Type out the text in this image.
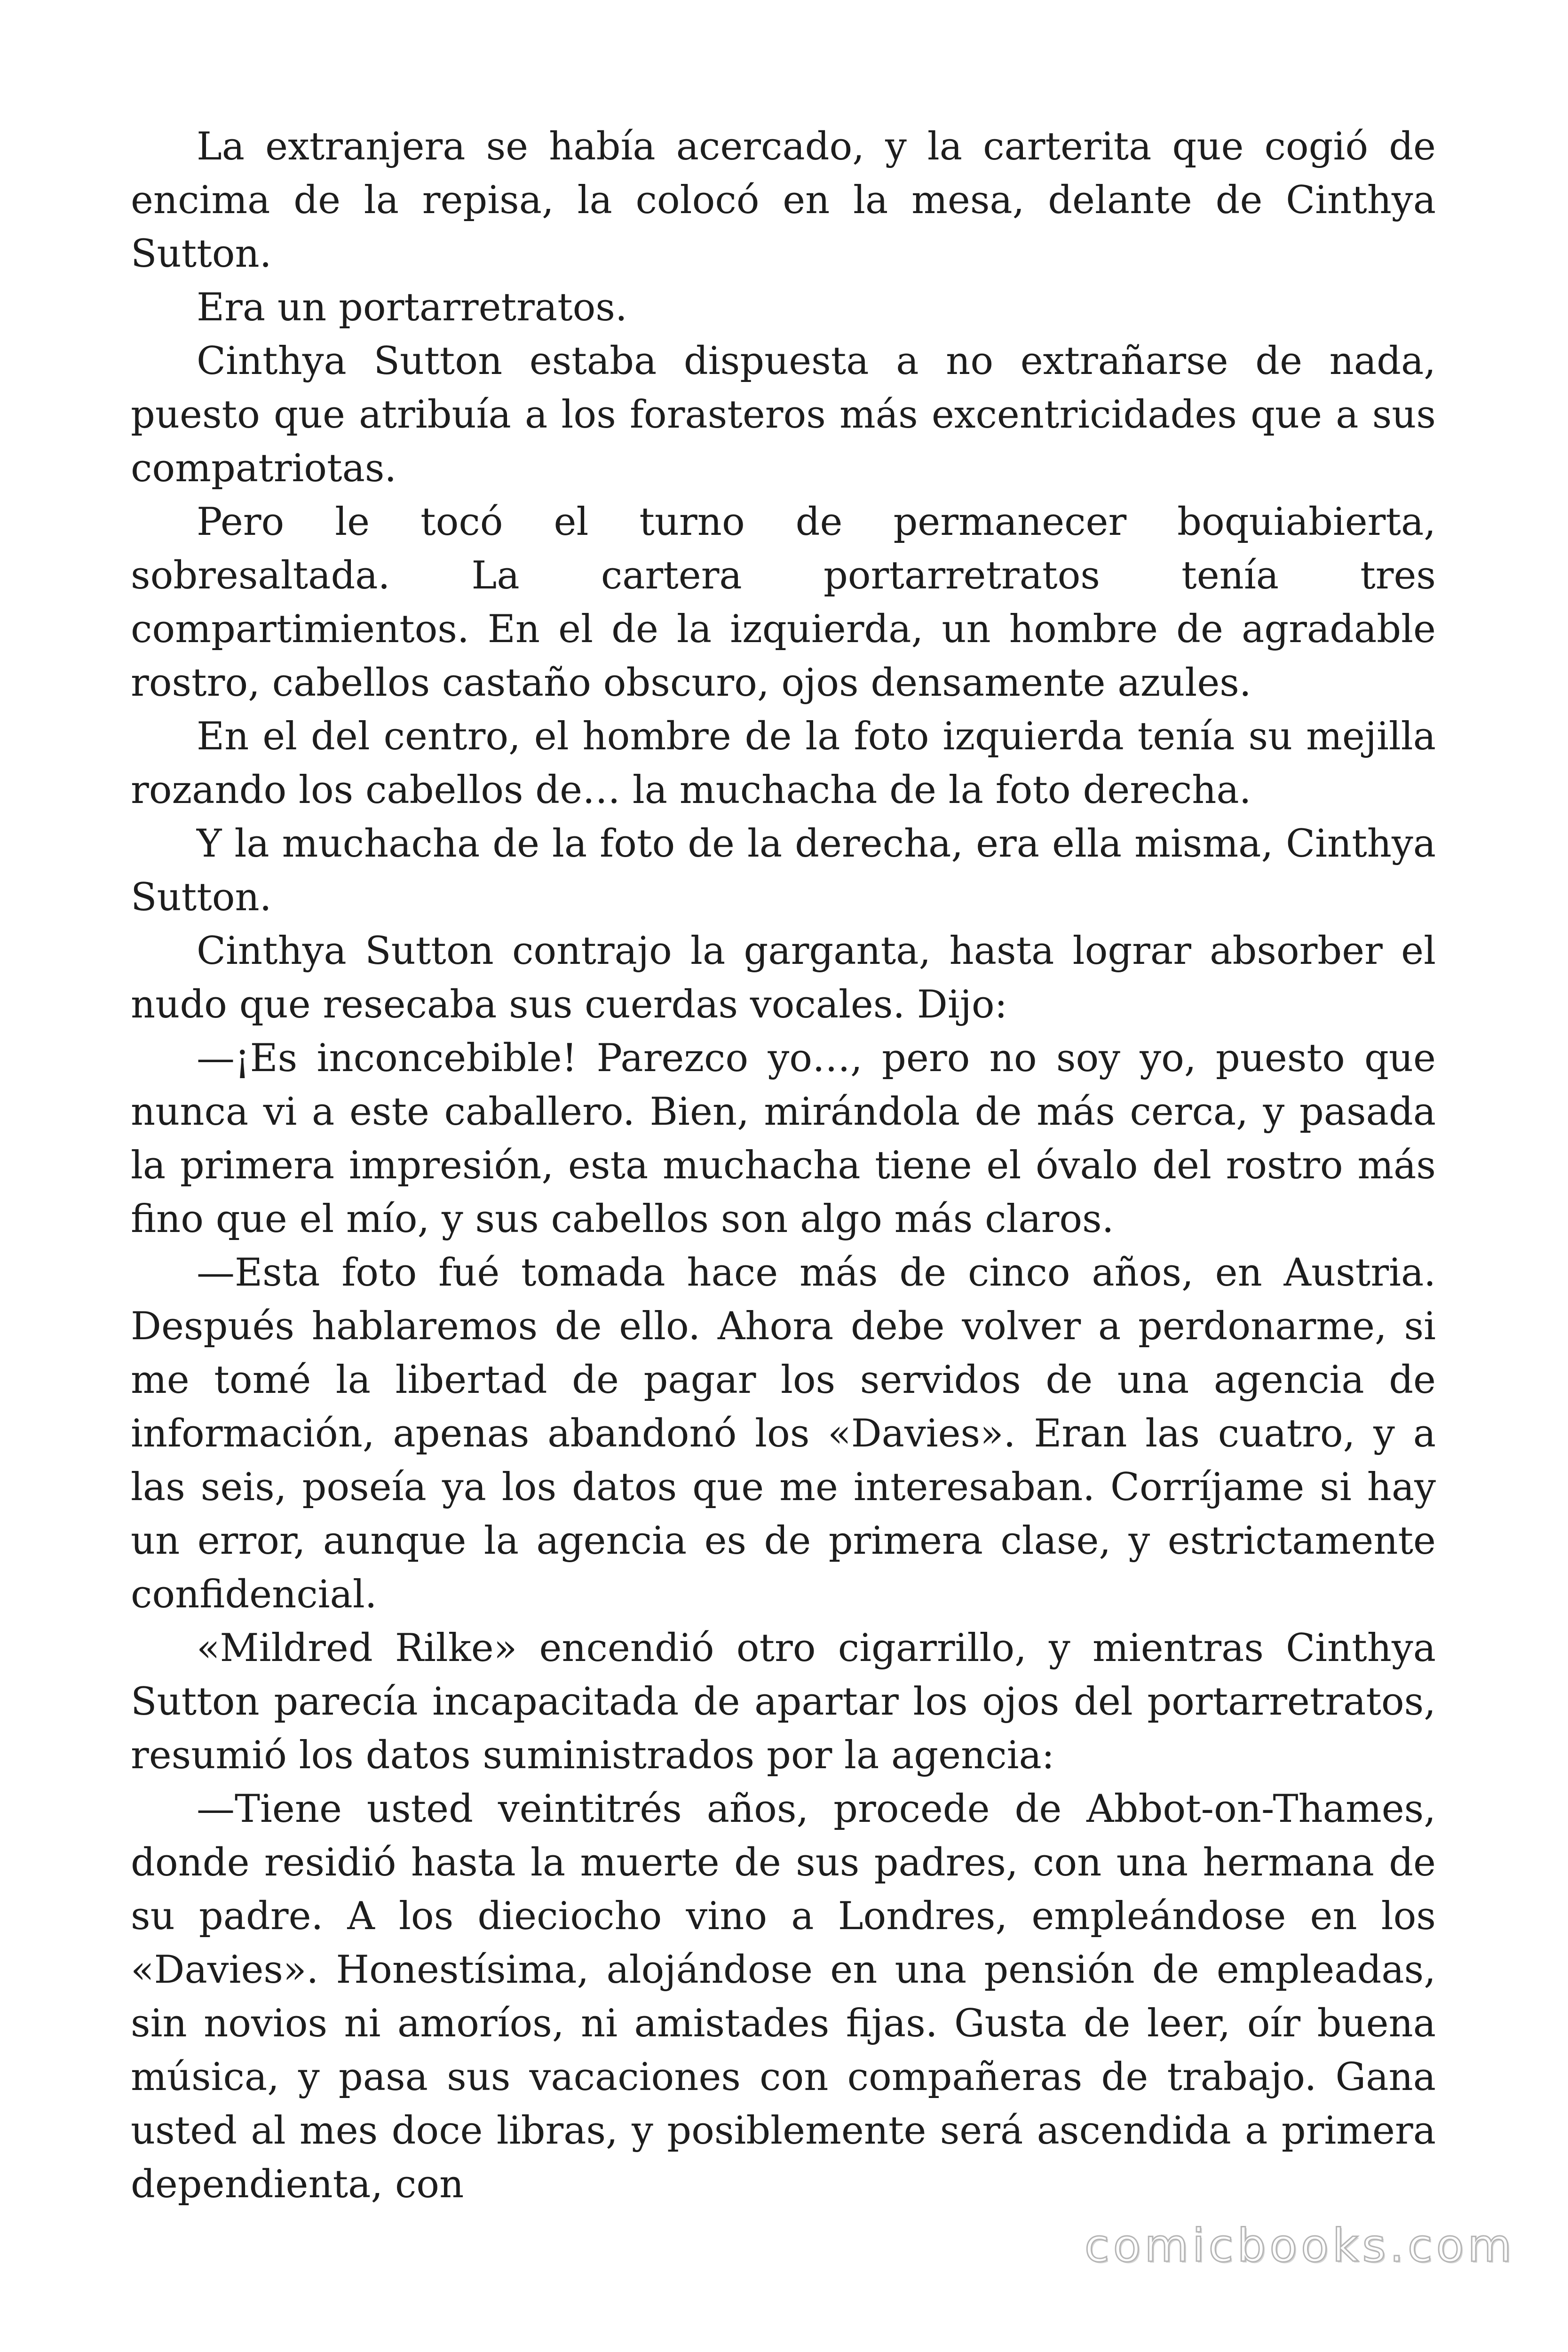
La extranjera se había acercado, y la carterita que cogió de encima de la repisa, la colocó en la mesa, delante de Cinthya Sutton.

Era un portarretratos.

Cinthya Sutton estaba dispuesta a no extrañarse de nada, puesto que atribuía a los forasteros más excentricidades que a sus compatriotas.

Pero le tocó el turno de permanecer boquiabierta, sobresaltada. La cartera portarretratos tenía tres compartimientos. En el de la izquierda, un hombre de agradable rostro, cabellos castaño obscuro, ojos densamente azules.

En el del centro, el hombre de la foto izquierda tenía su mejilla rozando los cabellos de… la muchacha de la foto derecha.

Y la muchacha de la foto de la derecha, era ella misma, Cinthya Sutton.

Cinthya Sutton contrajo la garganta, hasta lograr absorber el nudo que resecaba sus cuerdas vocales. Dijo:

—¡Es inconcebible! Parezco yo…, pero no soy yo, puesto que nunca vi a este caballero. Bien, mirándola de más cerca, y pasada la primera impresión, esta muchacha tiene el óvalo del rostro más fino que el mío, y sus cabellos son algo más claros.

—Esta foto fué tomada hace más de cinco años, en Austria. Después hablaremos de ello. Ahora debe volver a perdonarme, si me tomé la libertad de pagar los servidos de una agencia de información, apenas abandonó los «Davies». Eran las cuatro, y a las seis, poseía ya los datos que me interesaban. Corríjame si hay un error, aunque la agencia es de primera clase, y estrictamente confidencial.

«Mildred Rilke» encendió otro cigarrillo, y mientras Cinthya Sutton parecía incapacitada de apartar los ojos del portarretratos, resumió los datos suministrados por la agencia:

—Tiene usted veintitrés años, procede de Abbot-on-Thames, donde residió hasta la muerte de sus padres, con una hermana de su padre. A los dieciocho vino a Londres, empleándose en los «Davies». Honestísima, alojándose en una pensión de empleadas, sin novios ni amoríos, ni amistades fijas. Gusta de leer, oír buena música, y pasa sus vacaciones con compañeras de trabajo. Gana usted al mes doce libras, y posiblemente será ascendida a primera dependienta, con

comicbooks.com
